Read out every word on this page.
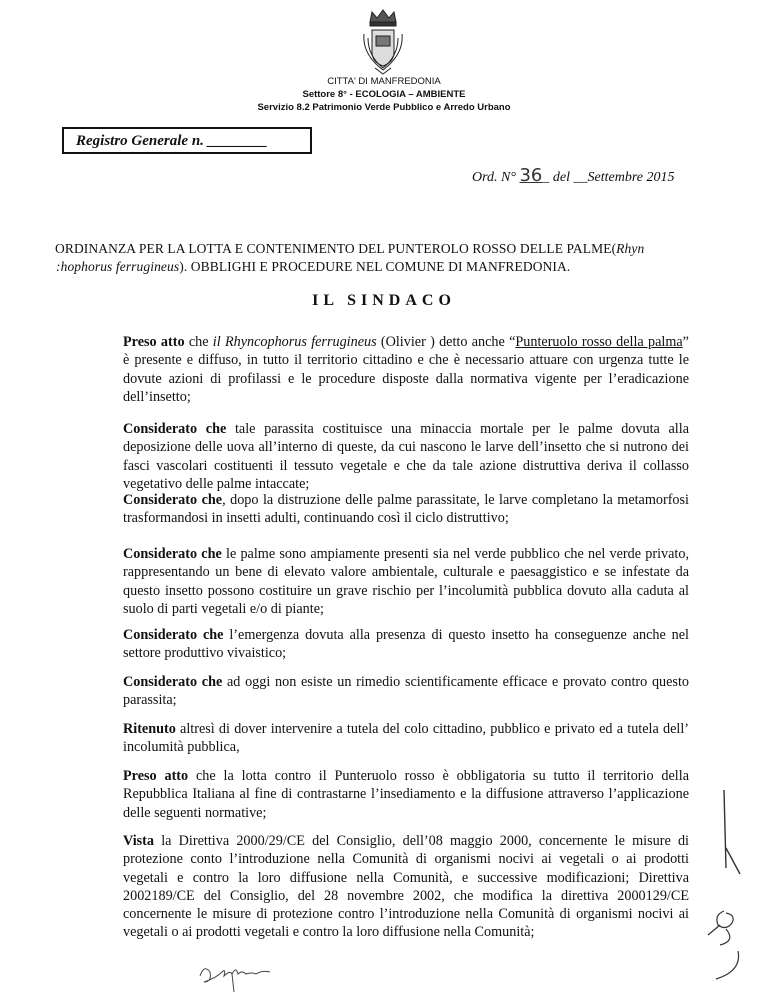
CITTA' DI MANFREDONIA
Settore 8° - ECOLOGIA – AMBIENTE
Servizio 8.2 Patrimonio Verde Pubblico e Arredo Urbano
Registro Generale n. ________
Ord. N° 36_ del __Settembre 2015
ORDINANZA PER LA LOTTA E CONTENIMENTO DEL PUNTEROLO ROSSO DELLE PALME(Rhyn
:hophorus ferrugineus). OBBLIGHI E PROCEDURE NEL COMUNE DI MANFREDONIA.
IL SINDACO
Preso atto che il Rhyncophorus ferrugineus (Olivier ) detto anche “Punteruolo rosso della palma” è presente e diffuso, in tutto il territorio cittadino e che è necessario attuare con urgenza tutte le dovute azioni di profilassi e le procedure disposte dalla normativa vigente per l’eradicazione dell’insetto;
Considerato che tale parassita costituisce una minaccia mortale per le palme dovuta alla deposizione delle uova all’interno di queste, da cui nascono le larve dell’insetto che si nutrono dei fasci vascolari costituenti il tessuto vegetale e che da tale azione distruttiva deriva il collasso vegetativo delle palme intaccate;
Considerato che, dopo la distruzione delle palme parassitate, le larve completano la metamorfosi trasformandosi in insetti adulti, continuando così il ciclo distruttivo;
Considerato che le palme sono ampiamente presenti sia nel verde pubblico che nel verde privato, rappresentando un bene di elevato valore ambientale, culturale e paesaggistico e se infestate da questo insetto possono costituire un grave rischio per l’incolumità pubblica dovuto alla caduta al suolo di parti vegetali e/o di piante;
Considerato che l’emergenza dovuta alla presenza di questo insetto ha conseguenze anche nel settore produttivo vivaistico;
Considerato che ad oggi non esiste un rimedio scientificamente efficace e provato contro questo parassita;
Ritenuto altresì di dover intervenire a tutela del colo cittadino, pubblico e privato ed a tutela dell’ incolumità pubblica,
Preso atto che la lotta contro il Punteruolo rosso è obbligatoria su tutto il territorio della Repubblica Italiana al fine di contrastarne l’insediamento e la diffusione attraverso l’applicazione delle seguenti normative;
Vista la Direttiva 2000/29/CE del Consiglio, dell’08 maggio 2000, concernente le misure di protezione conto l’introduzione nella Comunità di organismi nocivi ai vegetali o ai prodotti vegetali e contro la loro diffusione nella Comunità, e successive modificazioni; Direttiva 2002189/CE del Consiglio, del 28 novembre 2002, che modifica la direttiva 2000129/CE concernente le misure di protezione contro l’introduzione nella Comunità di organismi nocivi ai vegetali o ai prodotti vegetali e contro la loro diffusione nella Comunità;
